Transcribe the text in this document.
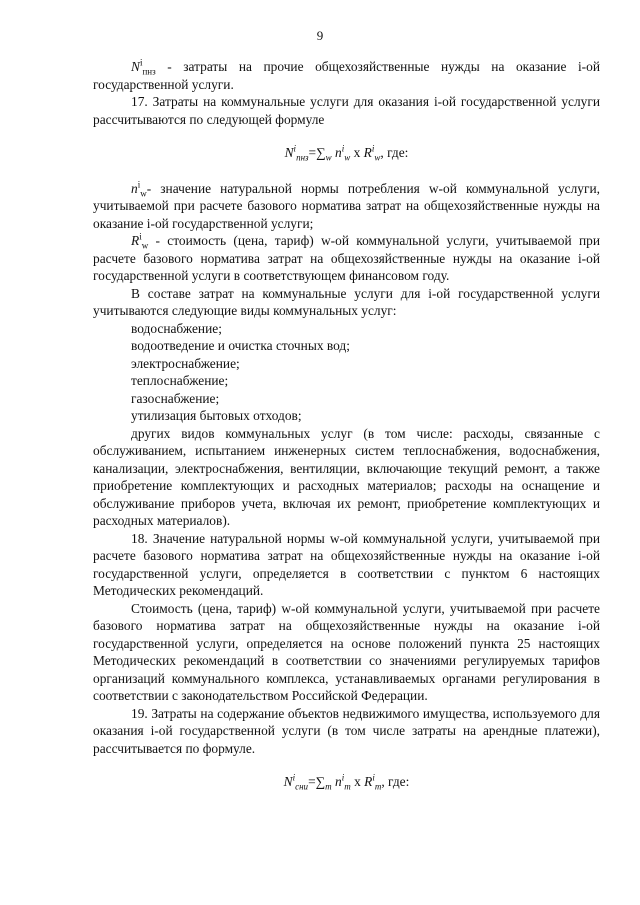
9

$N^i_{пнз}$ - затраты на прочие общехозяйственные нужды на оказание i-ой государственной услуги.

17. Затраты на коммунальные услуги для оказания i-ой государственной услуги рассчитываются по следующей формуле

$N^i_{пнз}=\sum_w$ $n^i_w$ x $R^i_w$, где:

$n^i_w-$ значение натуральной нормы потребления w-ой коммунальной услуги, учитываемой при расчете базового норматива затрат на общехозяйственные нужды на оказание i-ой государственной услуги;

$R^i_w$ - стоимость (цена, тариф) w-ой коммунальной услуги, учитываемой при расчете базового норматива затрат на общехозяйственные нужды на оказание i-ой государственной услуги в соответствующем финансовом году.

В составе затрат на коммунальные услуги для i-ой государственной услуги учитываются следующие виды коммунальных услуг:

водоснабжение;

водоотведение и очистка сточных вод;

электроснабжение;

теплоснабжение;

газоснабжение;

утилизация бытовых отходов;

других видов коммунальных услуг (в том числе: расходы, связанные с обслуживанием, испытанием инженерных систем теплоснабжения, водоснабжения, канализации, электроснабжения, вентиляции, включающие текущий ремонт, а также приобретение комплектующих и расходных материалов; расходы на оснащение и обслуживание приборов учета, включая их ремонт, приобретение комплектующих и расходных материалов).

18. Значение натуральной нормы w-ой коммунальной услуги, учитываемой при расчете базового норматива затрат на общехозяйственные нужды на оказание i-ой государственной услуги, определяется в соответствии с пунктом 6 настоящих Методических рекомендаций.

Стоимость (цена, тариф) w-ой коммунальной услуги, учитываемой при расчете базового норматива затрат на общехозяйственные нужды на оказание i-ой государственной услуги, определяется на основе положений пункта 25 настоящих Методических рекомендаций в соответствии со значениями регулируемых тарифов организаций коммунального комплекса, устанавливаемых органами регулирования в соответствии с законодательством Российской Федерации.

19. Затраты на содержание объектов недвижимого имущества, используемого для оказания i-ой государственной услуги (в том числе затраты на арендные платежи), рассчитывается по формуле.

$N^i_{сни}=\sum_m$ $n^i_m$ x $R^i_m$, где:
